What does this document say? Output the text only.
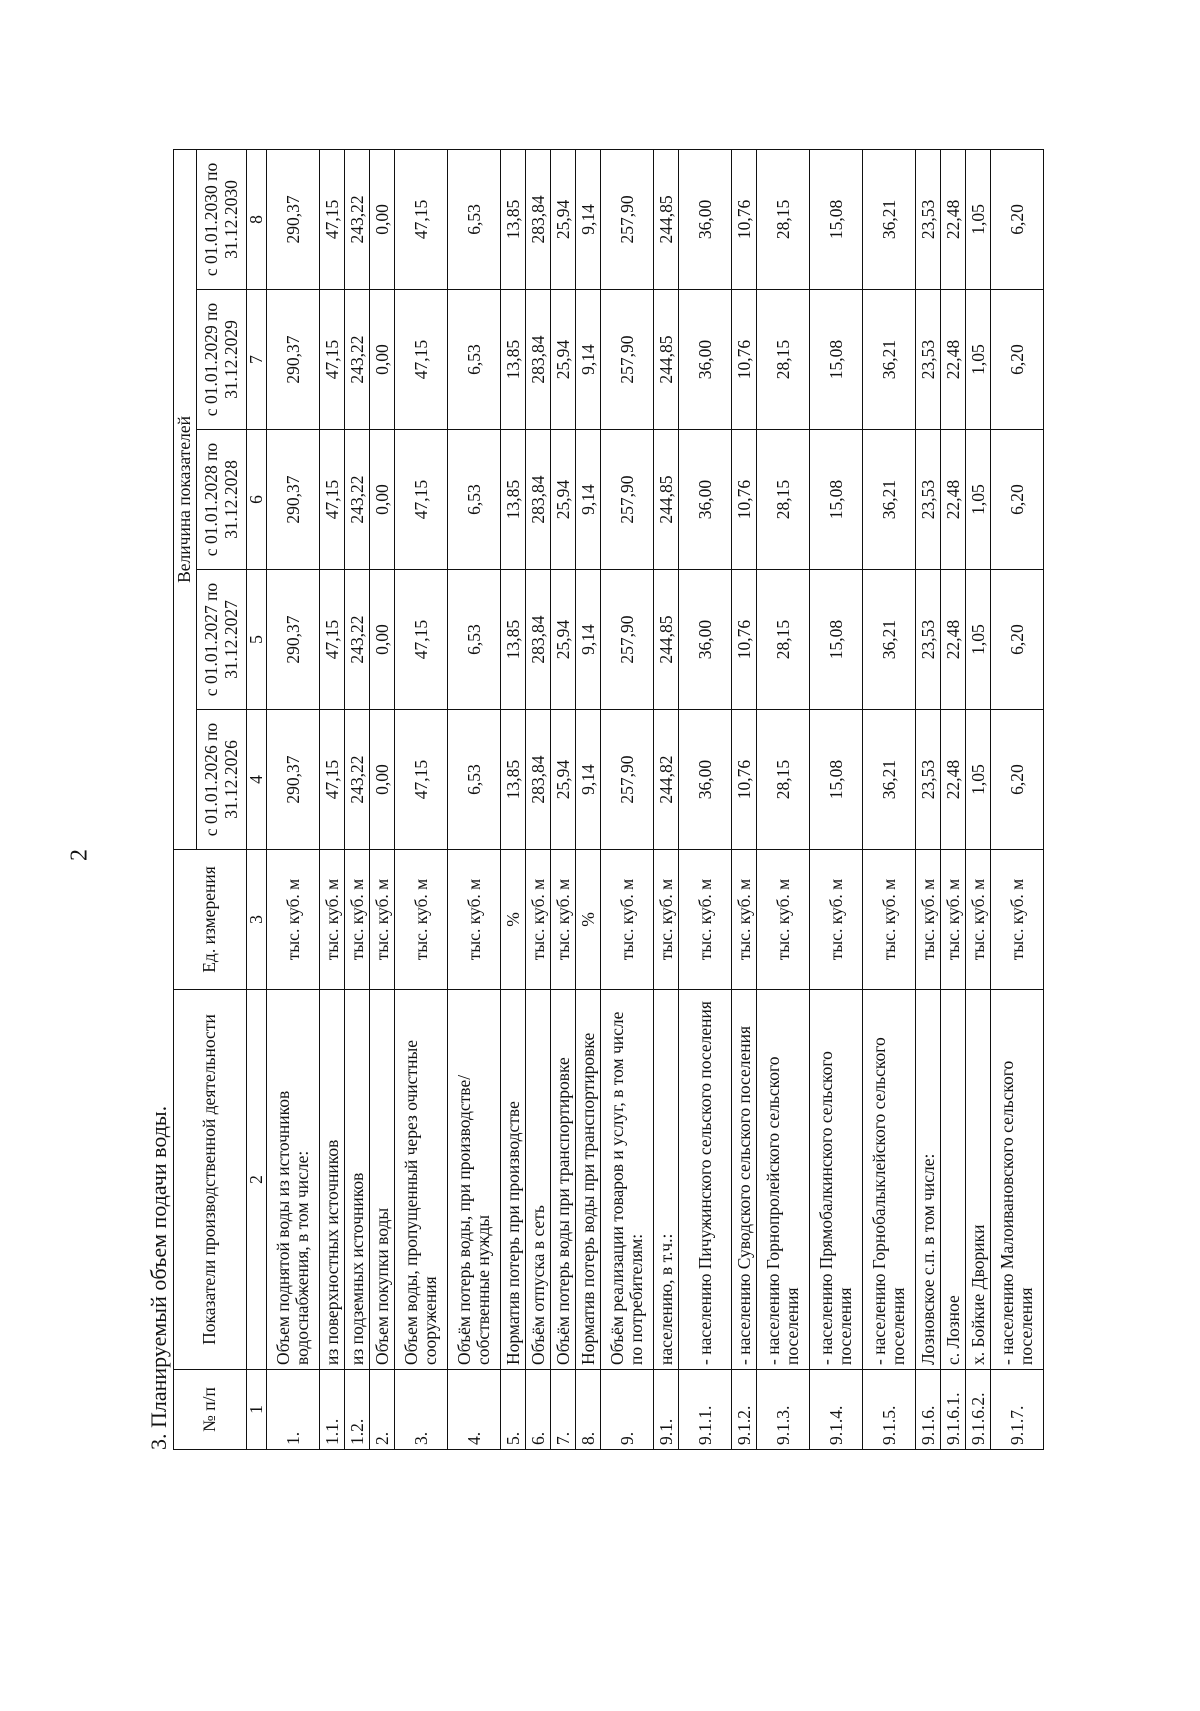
2
3. Планируемый объем подачи воды. № п/п	Показатели производственной деятельности	Ед. измерения	Величина показателей				
			с 01.01.2026 по 31.12.2026	с 01.01.2027 по 31.12.2027	с 01.01.2028 по 31.12.2028	с 01.01.2029 по 31.12.2029	с 01.01.2030 по 31.12.2030
1	2	3	4	5	6	7	8
1.	Объем поднятой воды из источников водоснабжения, в том числе:	тыс. куб. м	290,37	290,37	290,37	290,37	290,37
1.1.	из поверхностных источников	тыс. куб. м	47,15	47,15	47,15	47,15	47,15
1.2.	из подземных источников	тыс. куб. м	243,22	243,22	243,22	243,22	243,22
2.	Объем покупки воды	тыс. куб. м	0,00	0,00	0,00	0,00	0,00
3.	Объем воды, пропущенный через очистные сооружения	тыс. куб. м	47,15	47,15	47,15	47,15	47,15
4.	Объём потерь воды, при производстве/ собственные нужды	тыс. куб. м	6,53	6,53	6,53	6,53	6,53
5.	Норматив потерь при производстве	%	13,85	13,85	13,85	13,85	13,85
6.	Объём отпуска в сеть	тыс. куб. м	283,84	283,84	283,84	283,84	283,84
7.	Объём потерь воды при транспортировке	тыс. куб. м	25,94	25,94	25,94	25,94	25,94
8.	Норматив потерь воды при транспортировке	%	9,14	9,14	9,14	9,14	9,14
9.	Объём реализации товаров и услуг, в том числе по потребителям:	тыс. куб. м	257,90	257,90	257,90	257,90	257,90
9.1.	населению, в т.ч.:	тыс. куб. м	244,82	244,85	244,85	244,85	244,85
9.1.1.	- населению Пичужинского сельского поселения	тыс. куб. м	36,00	36,00	36,00	36,00	36,00
9.1.2.	- населению Суводского сельского поселения	тыс. куб. м	10,76	10,76	10,76	10,76	10,76
9.1.3.	- населению Горнопролейского сельского поселения	тыс. куб. м	28,15	28,15	28,15	28,15	28,15
9.1.4.	- населению Прямобалкинского сельского поселения	тыс. куб. м	15,08	15,08	15,08	15,08	15,08
9.1.5.	- населению Горнобалыклейского сельского поселения	тыс. куб. м	36,21	36,21	36,21	36,21	36,21
9.1.6.	Лозновское с.п. в том числе:	тыс. куб. м	23,53	23,53	23,53	23,53	23,53
9.1.6.1.	с. Лозное	тыс. куб. м	22,48	22,48	22,48	22,48	22,48
9.1.6.2.	х. Бойкие Дворики	тыс. куб. м	1,05	1,05	1,05	1,05	1,05
9.1.7.	- населению Малоивановского сельского поселения	тыс. куб. м	6,20	6,20	6,20	6,20	6,20
